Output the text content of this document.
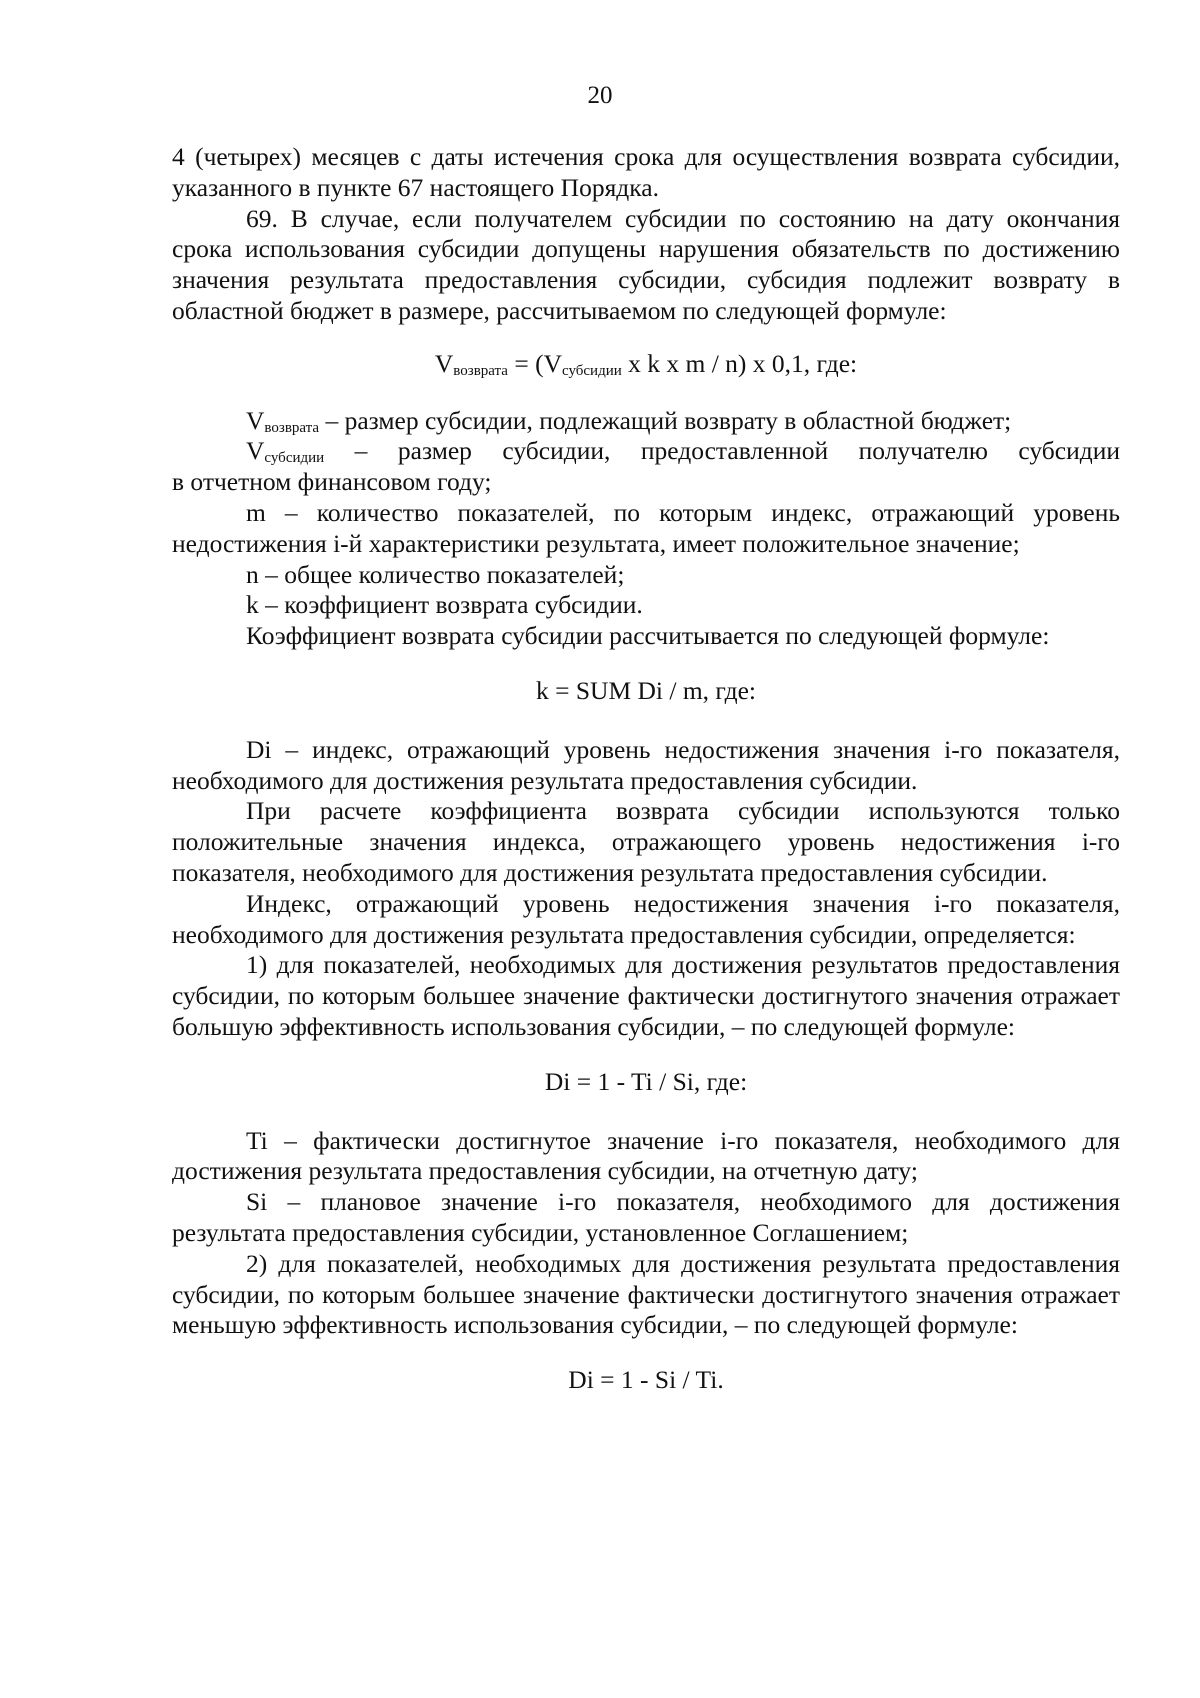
20

4 (четырех) месяцев с даты истечения срока для осуществления возврата субсидии, указанного в пункте 67 настоящего Порядка.

69. В случае, если получателем субсидии по состоянию на дату окончания срока использования субсидии допущены нарушения обязательств по достижению значения результата предоставления субсидии, субсидия подлежит возврату в областной бюджет в размере, рассчитываемом по следующей формуле:

$V_{возврата} = (V_{субсидии}$ x k x m / n) x 0,1, где:

$V_{возврата}$ – размер субсидии, подлежащий возврату в областной бюджет;

$V_{субсидии}$ – размер субсидии, предоставленной получателю субсидии
в отчетном финансовом году;

m – количество показателей, по которым индекс, отражающий уровень недостижения i-й характеристики результата, имеет положительное значение;

n – общее количество показателей;

k – коэффициент возврата субсидии.

Коэффициент возврата субсидии рассчитывается по следующей формуле:

k = SUM Di / m, где:

Di – индекс, отражающий уровень недостижения значения i-го показателя, необходимого для достижения результата предоставления субсидии.

При расчете коэффициента возврата субсидии используются только положительные значения индекса, отражающего уровень недостижения i-го показателя, необходимого для достижения результата предоставления субсидии.

Индекс, отражающий уровень недостижения значения i-го показателя, необходимого для достижения результата предоставления субсидии, определяется:

1) для показателей, необходимых для достижения результатов предоставления субсидии, по которым большее значение фактически достигнутого значения отражает большую эффективность использования субсидии, – по следующей формуле:

Di = 1 - Ti / Si, где:

Ti – фактически достигнутое значение i-го показателя, необходимого для достижения результата предоставления субсидии, на отчетную дату;

Si – плановое значение i-го показателя, необходимого для достижения результата предоставления субсидии, установленное Соглашением;

2) для показателей, необходимых для достижения результата предоставления субсидии, по которым большее значение фактически достигнутого значения отражает меньшую эффективность использования субсидии, – по следующей формуле:

Di = 1 - Si / Ti.
